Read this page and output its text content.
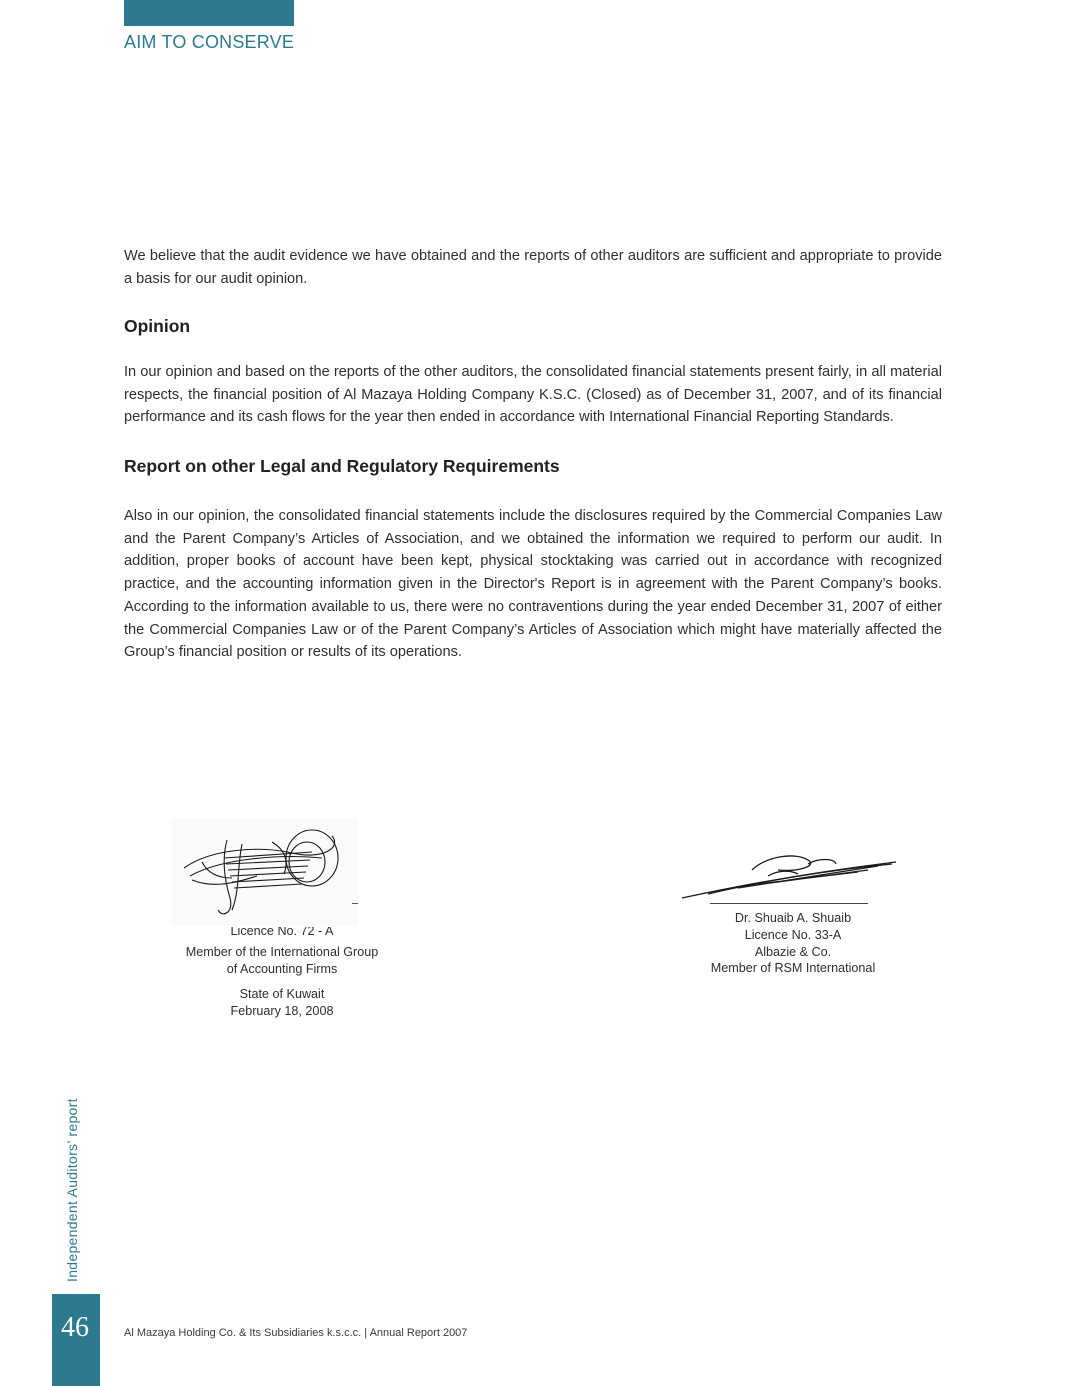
AIM TO CONSERVE

We believe that the audit evidence we have obtained and the reports of other auditors are sufficient and appropriate to provide a basis for our audit opinion.

Opinion

In our opinion and based on the reports of the other auditors, the consolidated financial statements present fairly, in all material respects, the financial position of Al Mazaya Holding Company K.S.C. (Closed) as of December 31, 2007, and of its financial performance and its cash flows for the year then ended in accordance with International Financial Reporting Standards.

Report on other Legal and Regulatory Requirements

Also in our opinion, the consolidated financial statements include the disclosures required by the Commercial Companies Law and the Parent Company’s Articles of Association, and we obtained the information we required to perform our audit. In addition, proper books of account have been kept, physical stocktaking was carried out in accordance with recognized practice, and the accounting information given in the Director's Report is in agreement with the Parent Company’s books. According to the information available to us, there were no contraventions during the year ended December 31, 2007 of either the Commercial Companies Law or of the Parent Company’s Articles of Association which might have materially affected the Group’s financial position or results of its operations.

Licence No. 72 - A
Member of the International Group
of Accounting Firms
State of Kuwait
February 18, 2008
Dr. Shuaib A. Shuaib
Licence No. 33-A
Albazie & Co.
Member of RSM International
Independent Auditors’ report
46	Al Mazaya Holding Co. & Its Subsidiaries k.s.c.c. | Annual Report 2007
